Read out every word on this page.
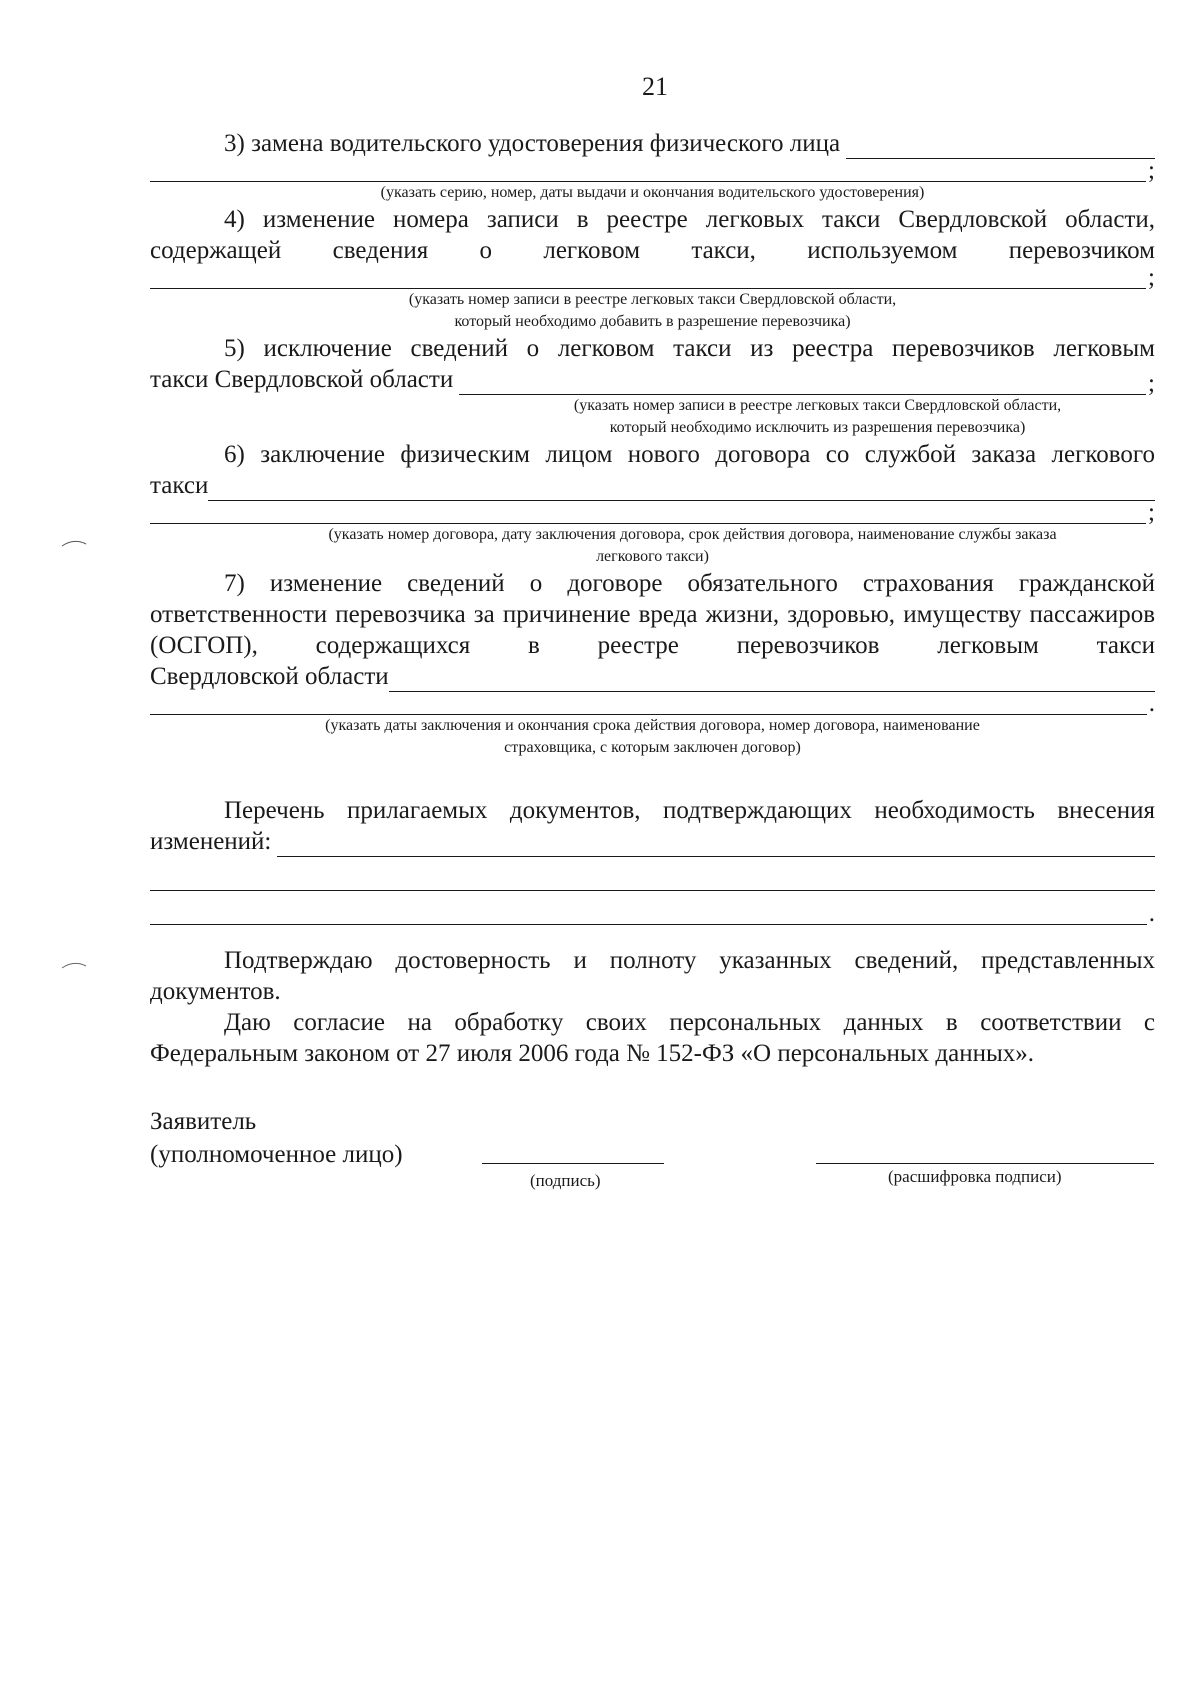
21
3) замена водительского удостоверения физического лица
;
(указать серию, номер, даты выдачи и окончания водительского удостоверения)
4) изменение номера записи в реестре легковых такси Свердловской области,
содержащей сведения о легковом такси, используемом перевозчиком
;
(указать номер записи в реестре легковых такси Свердловской области,
который необходимо добавить в разрешение перевозчика)
5) исключение сведений о легковом такси из реестра перевозчиков легковым
такси Свердловской области	;
(указать номер записи в реестре легковых такси Свердловской области,
который необходимо исключить из разрешения перевозчика)
6) заключение физическим лицом нового договора со службой заказа легкового
такси
;
(указать номер договора, дату заключения договора, срок действия договора, наименование службы заказа
легкового такси)
7) изменение сведений о договоре обязательного страхования гражданской ответственности перевозчика за причинение вреда жизни, здоровью, имуществу пассажиров (ОСГОП), содержащихся в реестре перевозчиков легковым такси
Свердловской области
.
(указать даты заключения и окончания срока действия договора, номер договора, наименование
страховщика, с которым заключен договор)
Перечень прилагаемых документов, подтверждающих необходимость внесения
изменений:
.
Подтверждаю достоверность и полноту указанных сведений, представленных документов.
Даю согласие на обработку своих персональных данных в соответствии с Федеральным законом от 27 июля 2006 года № 152-ФЗ «О персональных данных».
Заявитель
(уполномоченное лицо)
(подпись)	(расшифровка подписи)
